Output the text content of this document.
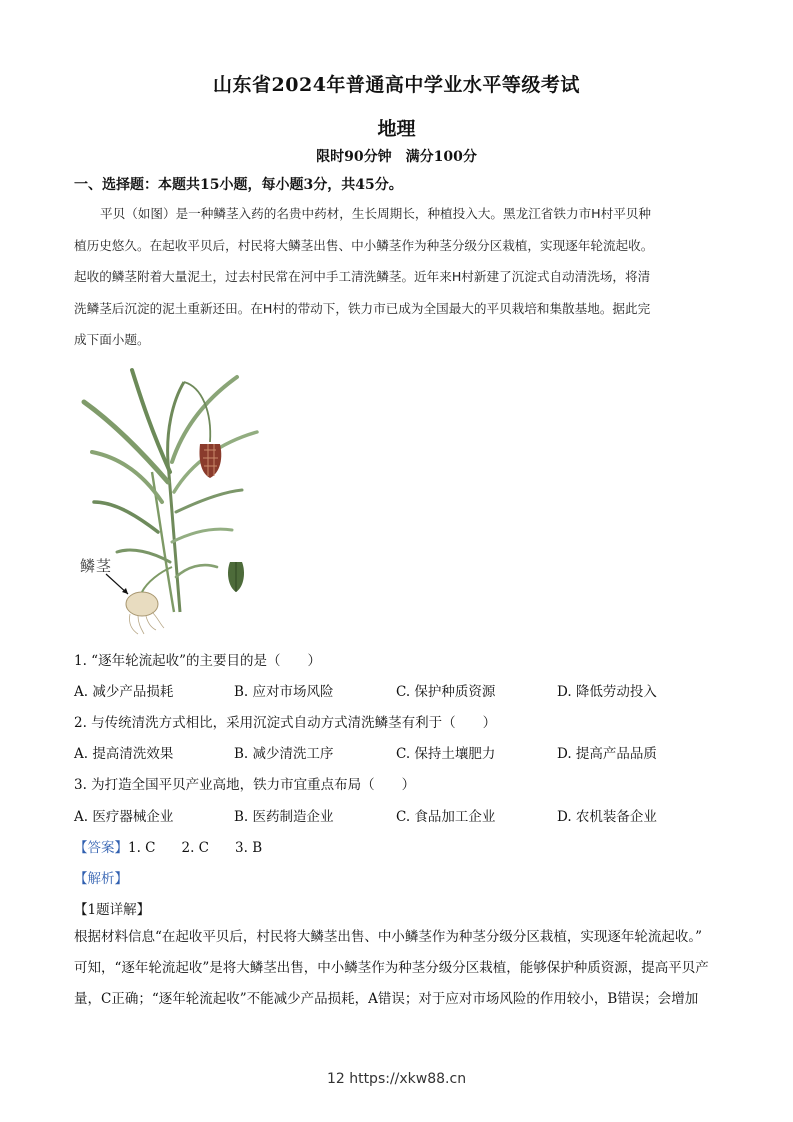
山东省2024年普通高中学业水平等级考试
地理
限时90分钟　满分100分
一、选择题：本题共15小题，每小题3分，共45分。
平贝（如图）是一种鳞茎入药的名贵中药材，生长周期长，种植投入大。黑龙江省铁力市H村平贝种
植历史悠久。在起收平贝后，村民将大鳞茎出售、中小鳞茎作为种茎分级分区栽植，实现逐年轮流起收。
起收的鳞茎附着大量泥土，过去村民常在河中手工清洗鳞茎。近年来H村新建了沉淀式自动清洗场，将清
洗鳞茎后沉淀的泥土重新还田。在H村的带动下，铁力市已成为全国最大的平贝栽培和集散基地。据此完
成下面小题。
鳞茎
1. “逐年轮流起收”的主要目的是（　　）
A. 减少产品损耗	B. 应对市场风险	C. 保护种质资源	D. 降低劳动投入
2. 与传统清洗方式相比，采用沉淀式自动方式清洗鳞茎有利于（　　）
A. 提高清洗效果	B. 减少清洗工序	C. 保持土壤肥力	D. 提高产品品质
3. 为打造全国平贝产业高地，铁力市宜重点布局（　　）
A. 医疗器械企业	B. 医药制造企业	C. 食品加工企业	D. 农机装备企业
【答案】1. C 2. C 3. B
【解析】
【1题详解】
根据材料信息“在起收平贝后，村民将大鳞茎出售、中小鳞茎作为种茎分级分区栽植，实现逐年轮流起收。”
可知，“逐年轮流起收”是将大鳞茎出售，中小鳞茎作为种茎分级分区栽植，能够保护种质资源，提高平贝产
量，C正确；“逐年轮流起收”不能减少产品损耗，A错误；对于应对市场风险的作用较小，B错误；会增加
12 https://xkw88.cn
